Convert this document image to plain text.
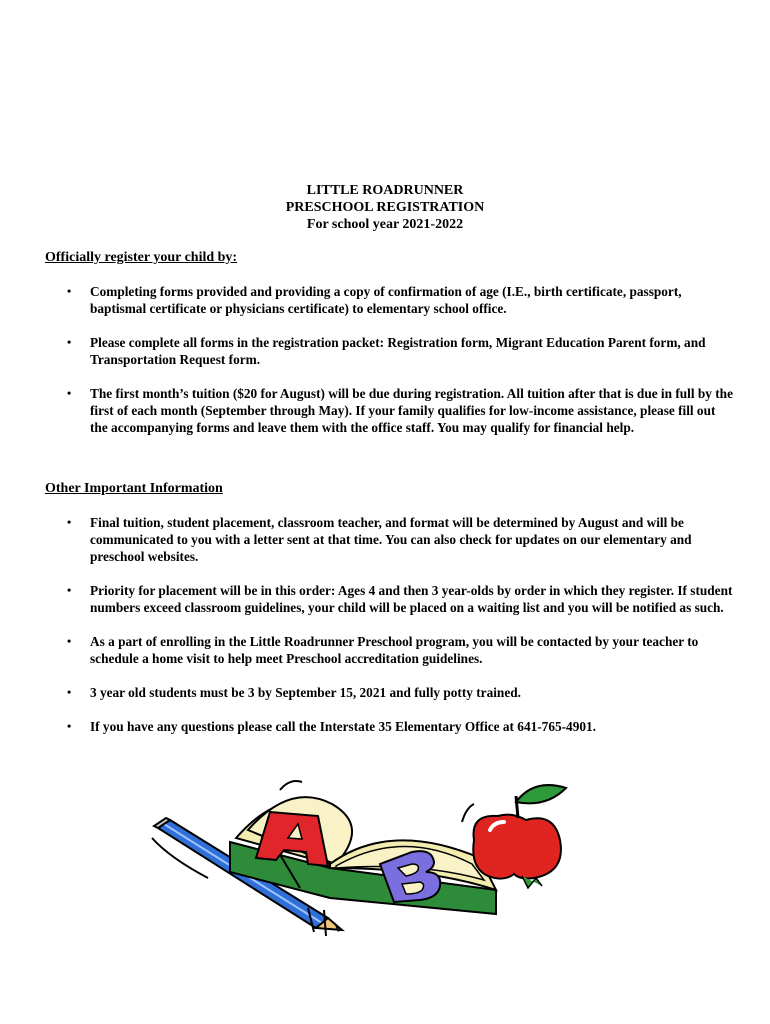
LITTLE ROADRUNNER
PRESCHOOL REGISTRATION
For school year 2021-2022
Officially register your child by:
• Completing forms provided and providing a copy of confirmation of age (I.E., birth certificate, passport, baptismal certificate or physicians certificate) to elementary school office.
• Please complete all forms in the registration packet: Registration form, Migrant Education Parent form, and Transportation Request form.
• The first month’s tuition ($20 for August) will be due during registration. All tuition after that is due in full by the first of each month (September through May). If your family qualifies for low-income assistance, please fill out the accompanying forms and leave them with the office staff. You may qualify for financial help.
Other Important Information
• Final tuition, student placement, classroom teacher, and format will be determined by August and will be communicated to you with a letter sent at that time. You can also check for updates on our elementary and preschool websites.
• Priority for placement will be in this order: Ages 4 and then 3 year-olds by order in which they register. If student numbers exceed classroom guidelines, your child will be placed on a waiting list and you will be notified as such.
• As a part of enrolling in the Little Roadrunner Preschool program, you will be contacted by your teacher to schedule a home visit to help meet Preschool accreditation guidelines.
• 3 year old students must be 3 by September 15, 2021 and fully potty trained.
• If you have any questions please call the Interstate 35 Elementary Office at 641-765-4901.
A
B
